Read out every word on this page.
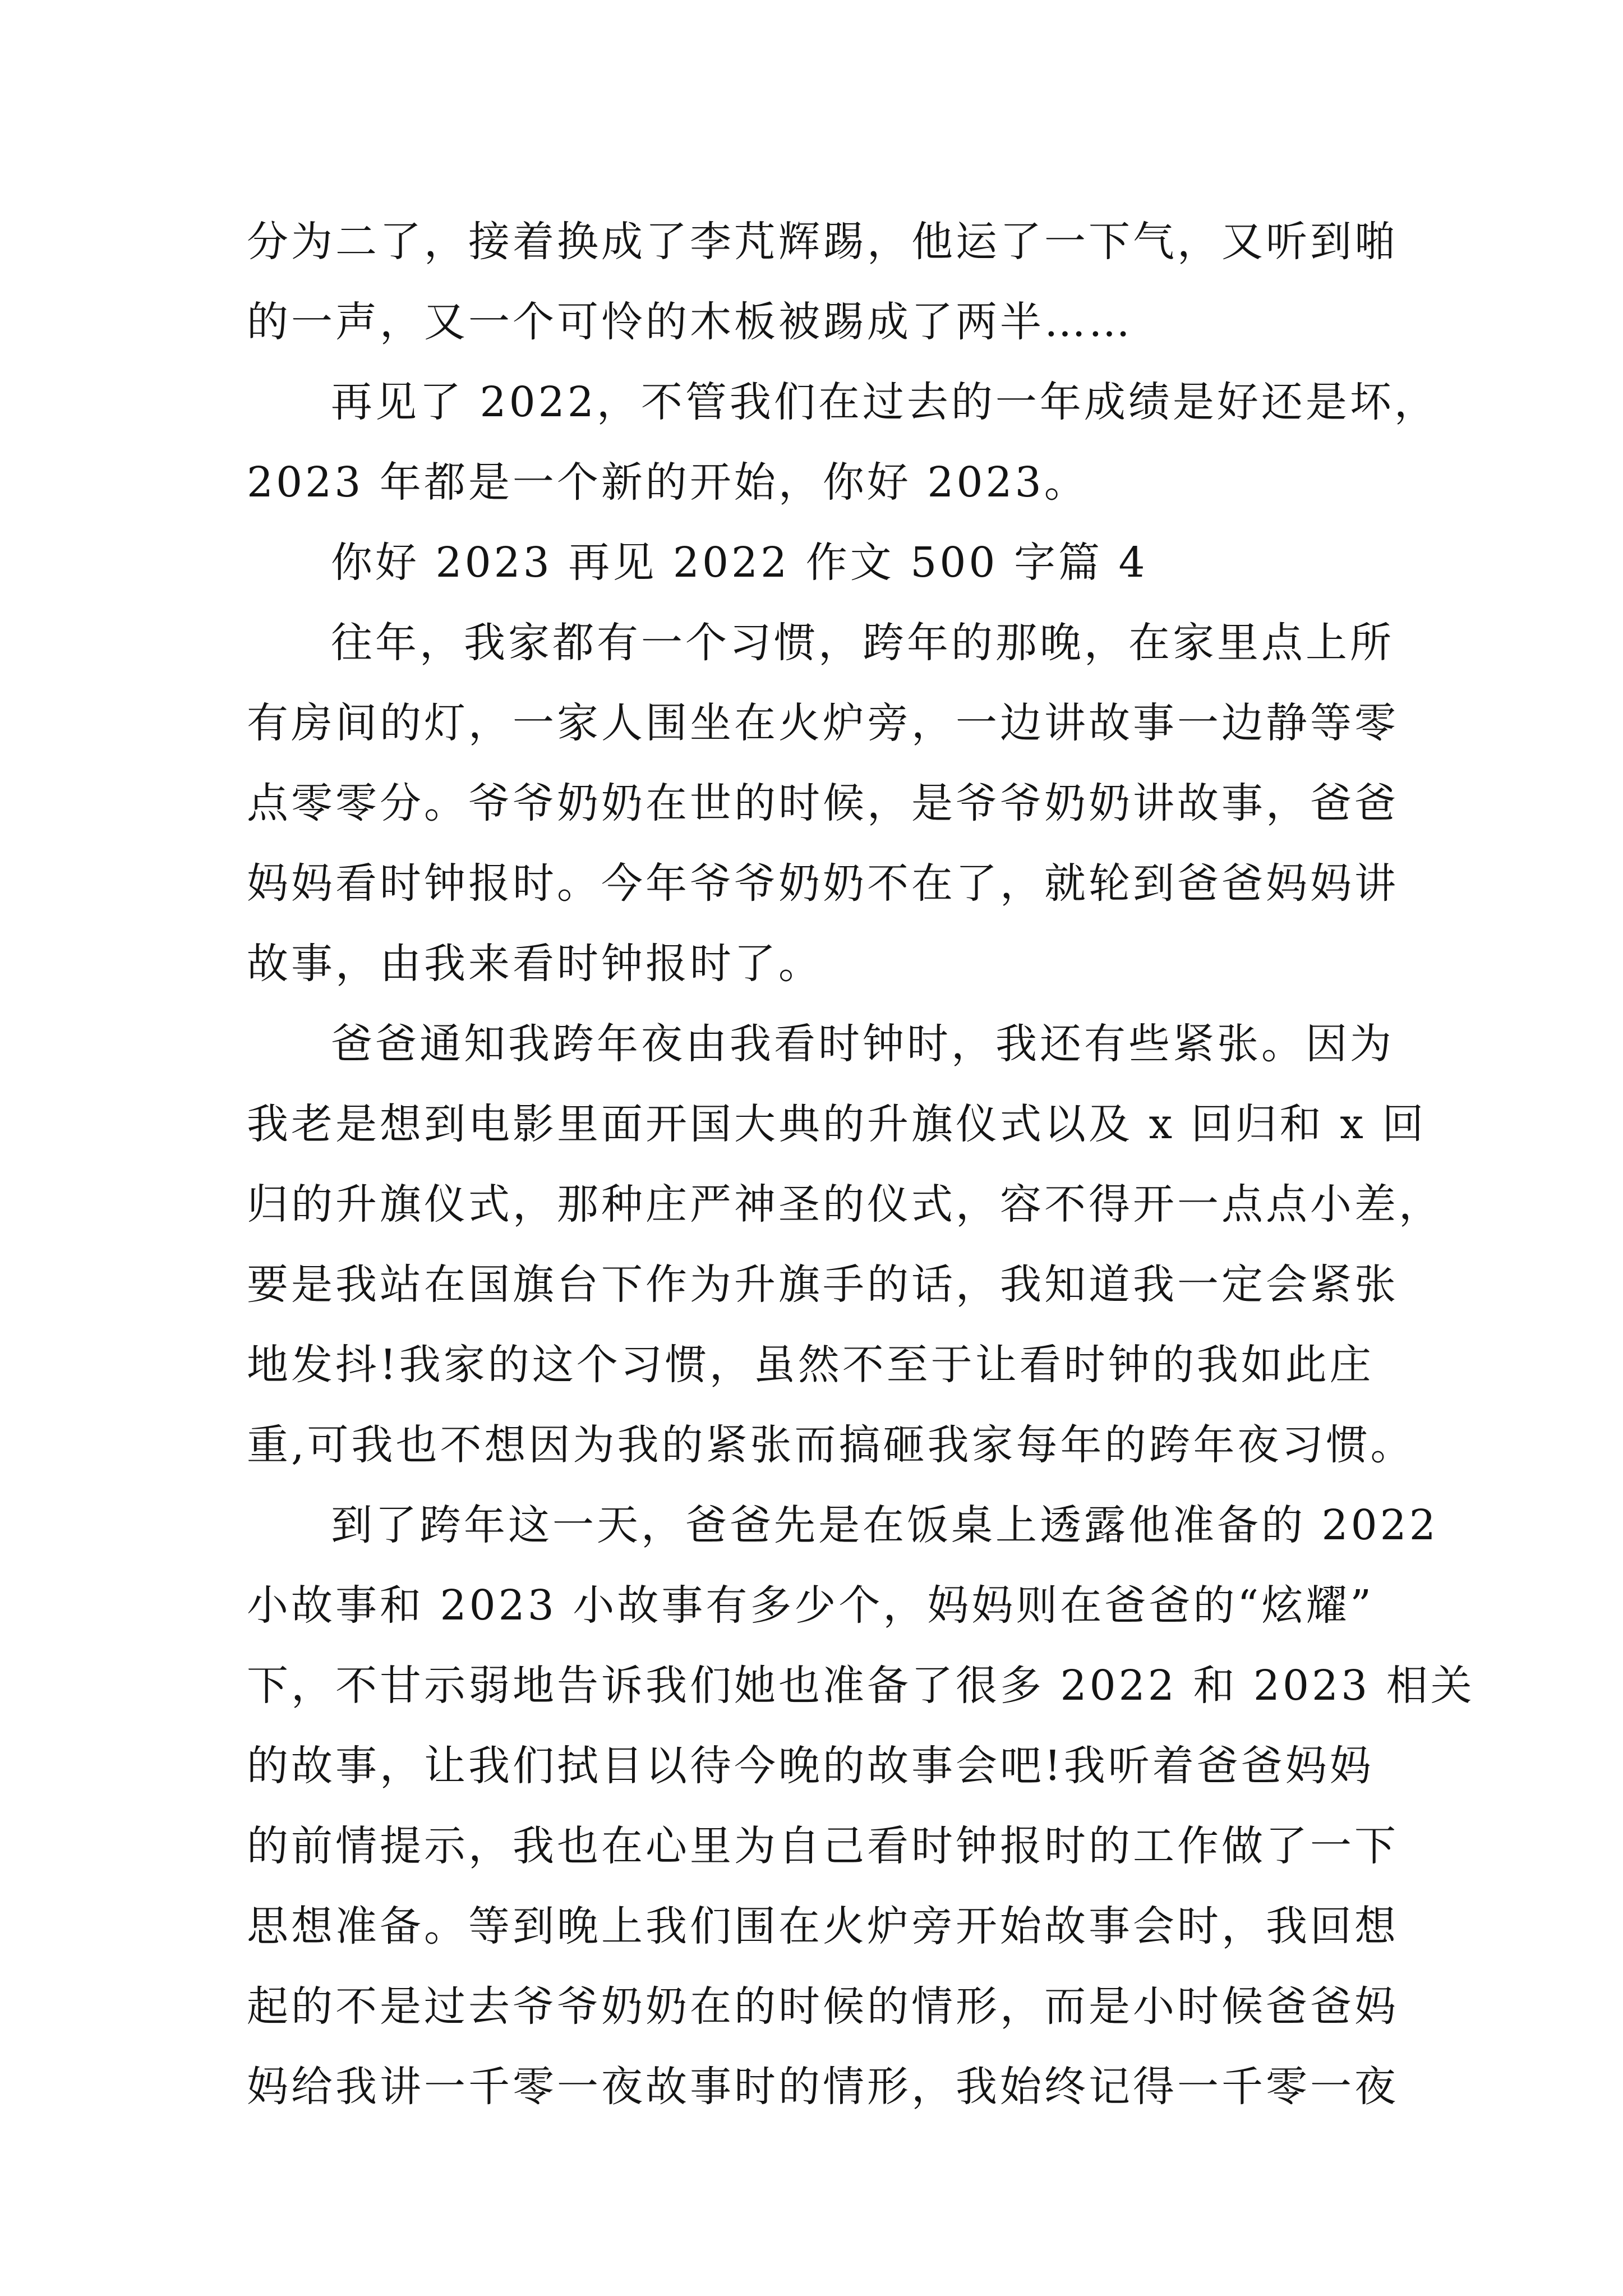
分为二了，接着换成了李芃辉踢，他运了一下气，又听到啪
的一声，又一个可怜的木板被踢成了两半……
再见了 2022，不管我们在过去的一年成绩是好还是坏，
2023 年都是一个新的开始，你好 2023。
你好 2023 再见 2022 作文 500 字篇 4
往年，我家都有一个习惯，跨年的那晚，在家里点上所
有房间的灯，一家人围坐在火炉旁，一边讲故事一边静等零
点零零分。爷爷奶奶在世的时候，是爷爷奶奶讲故事，爸爸
妈妈看时钟报时。今年爷爷奶奶不在了，就轮到爸爸妈妈讲
故事，由我来看时钟报时了。
爸爸通知我跨年夜由我看时钟时，我还有些紧张。因为
我老是想到电影里面开国大典的升旗仪式以及 x 回归和 x 回
归的升旗仪式，那种庄严神圣的仪式，容不得开一点点小差，
要是我站在国旗台下作为升旗手的话，我知道我一定会紧张
地发抖!我家的这个习惯，虽然不至于让看时钟的我如此庄
重,可我也不想因为我的紧张而搞砸我家每年的跨年夜习惯。
到了跨年这一天，爸爸先是在饭桌上透露他准备的 2022
小故事和 2023 小故事有多少个，妈妈则在爸爸的“炫耀”
下，不甘示弱地告诉我们她也准备了很多 2022 和 2023 相关
的故事，让我们拭目以待今晚的故事会吧!我听着爸爸妈妈
的前情提示，我也在心里为自己看时钟报时的工作做了一下
思想准备。等到晚上我们围在火炉旁开始故事会时，我回想
起的不是过去爷爷奶奶在的时候的情形，而是小时候爸爸妈
妈给我讲一千零一夜故事时的情形，我始终记得一千零一夜
